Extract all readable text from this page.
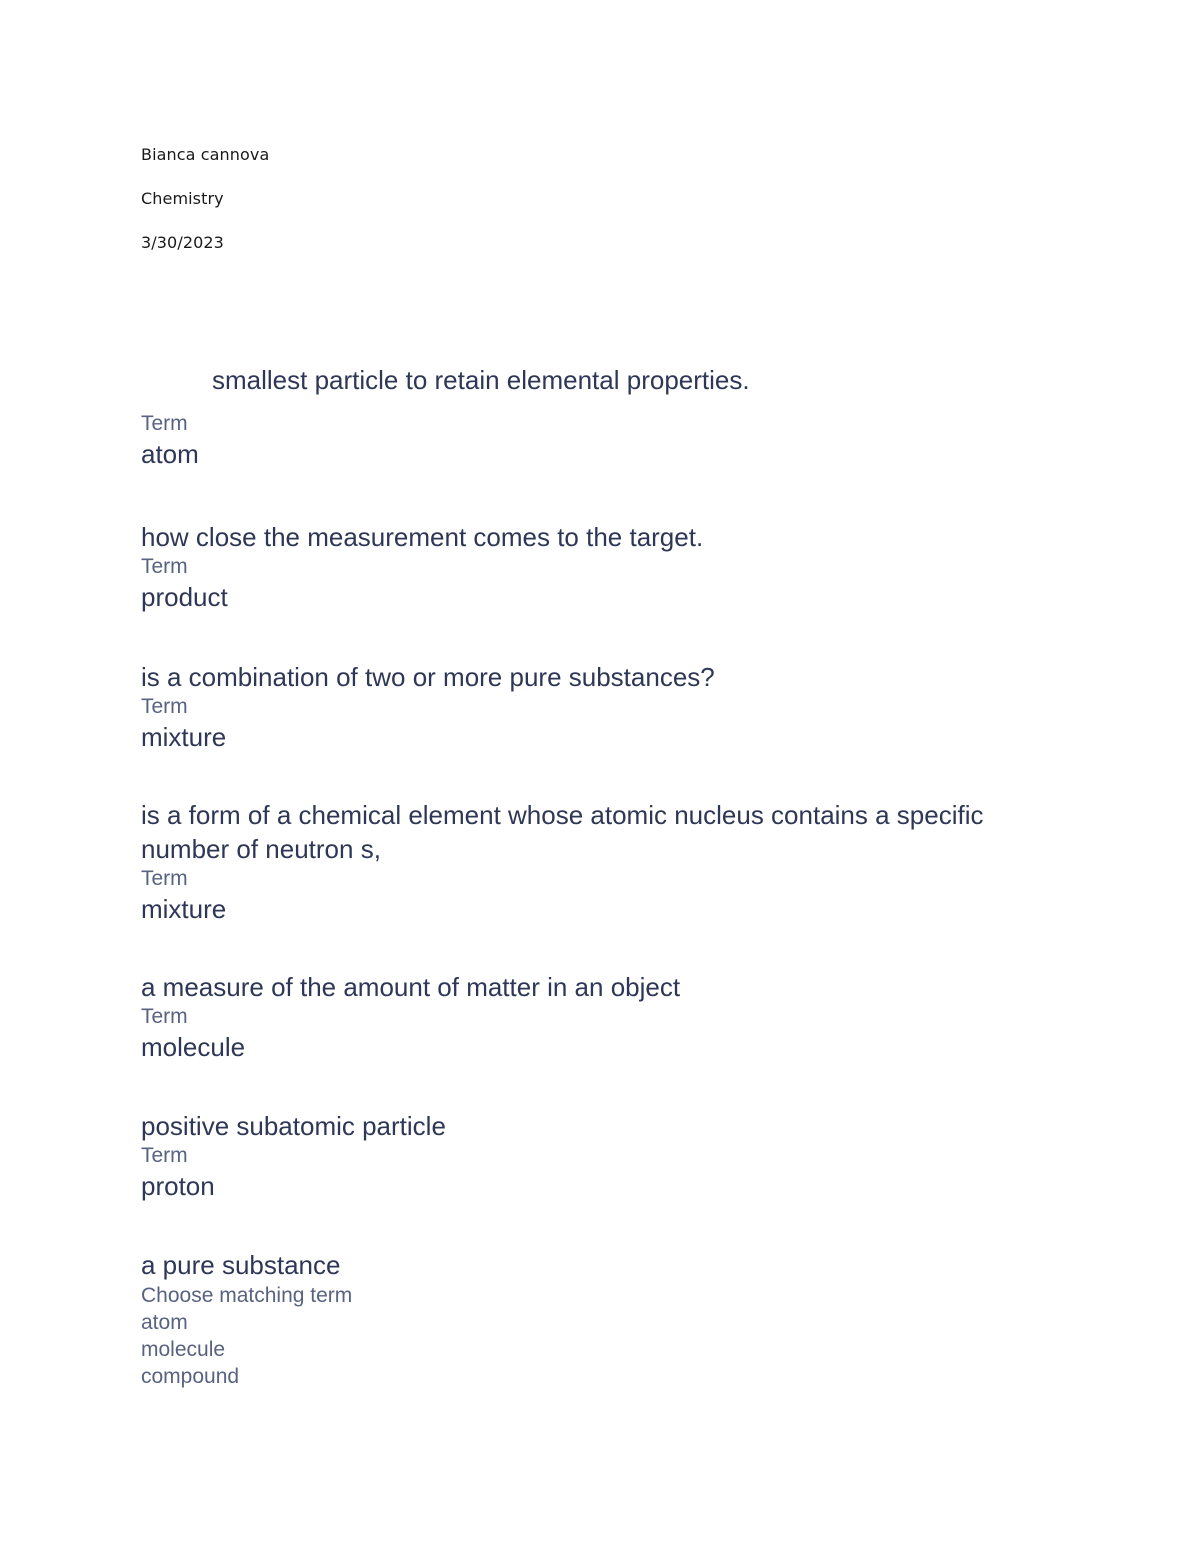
Bianca cannova
Chemistry
3/30/2023
smallest particle to retain elemental properties.
Term
atom
how close the measurement comes to the target.
Term
product
is a combination of two or more pure substances?
Term
mixture
is a form of a chemical element whose atomic nucleus contains a specific number of neutron s,
Term
mixture
a measure of the amount of matter in an object
Term
molecule
positive subatomic particle
Term
proton
a pure substance
Choose matching term
atom
molecule
compound
